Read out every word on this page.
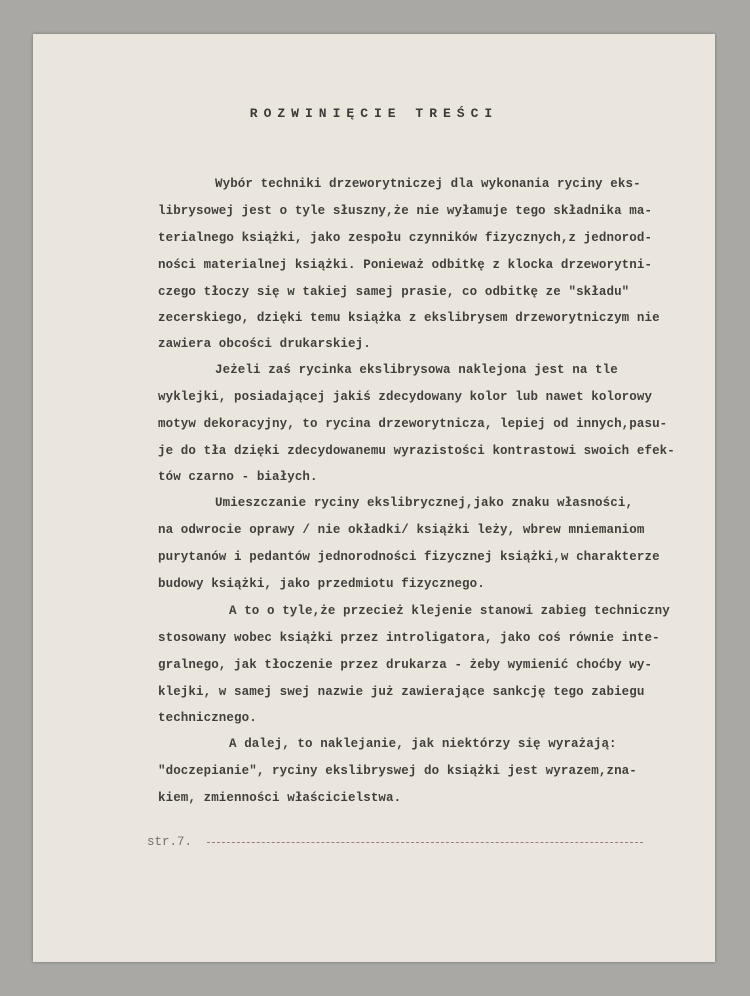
ROZWINIĘCIE TREŚCI
Wybór techniki drzeworytniczej dla wykonania ryciny eks-
librysowej jest o tyle słuszny,że nie wyłamuje tego składnika ma-
terialnego książki, jako zespołu czynników fizycznych,z jednorod-
ności materialnej książki. Ponieważ odbitkę z klocka drzeworytni-
czego tłoczy się w takiej samej prasie, co odbitkę ze "składu"
zecerskiego, dzięki temu książka z ekslibrysem drzeworytniczym nie
zawiera obcości drukarskiej.
Jeżeli zaś rycinka ekslibrysowa naklejona jest na tle
wyklejki, posiadającej jakiś zdecydowany kolor lub nawet kolorowy
motyw dekoracyjny, to rycina drzeworytnicza, lepiej od innych,pasu-
je do tła dzięki zdecydowanemu wyrazistości kontrastowi swoich efek-
tów czarno - białych.
Umieszczanie ryciny ekslibrycznej,jako znaku własności,
na odwrocie oprawy / nie okładki/ książki leży, wbrew mniemaniom
purytanów i pedantów jednorodności fizycznej książki,w charakterze
budowy książki, jako przedmiotu fizycznego.
A to o tyle,że przecież klejenie stanowi zabieg techniczny
stosowany wobec książki przez introligatora, jako coś równie inte-
gralnego, jak tłoczenie przez drukarza - żeby wymienić choćby wy-
klejki, w samej swej nazwie już zawierające sankcję tego zabiegu
technicznego.
A dalej, to naklejanie, jak niektórzy się wyrażają:
"doczepianie", ryciny ekslibryswej do książki jest wyrazem,zna-
kiem, zmienności właścicielstwa.
str.7.
